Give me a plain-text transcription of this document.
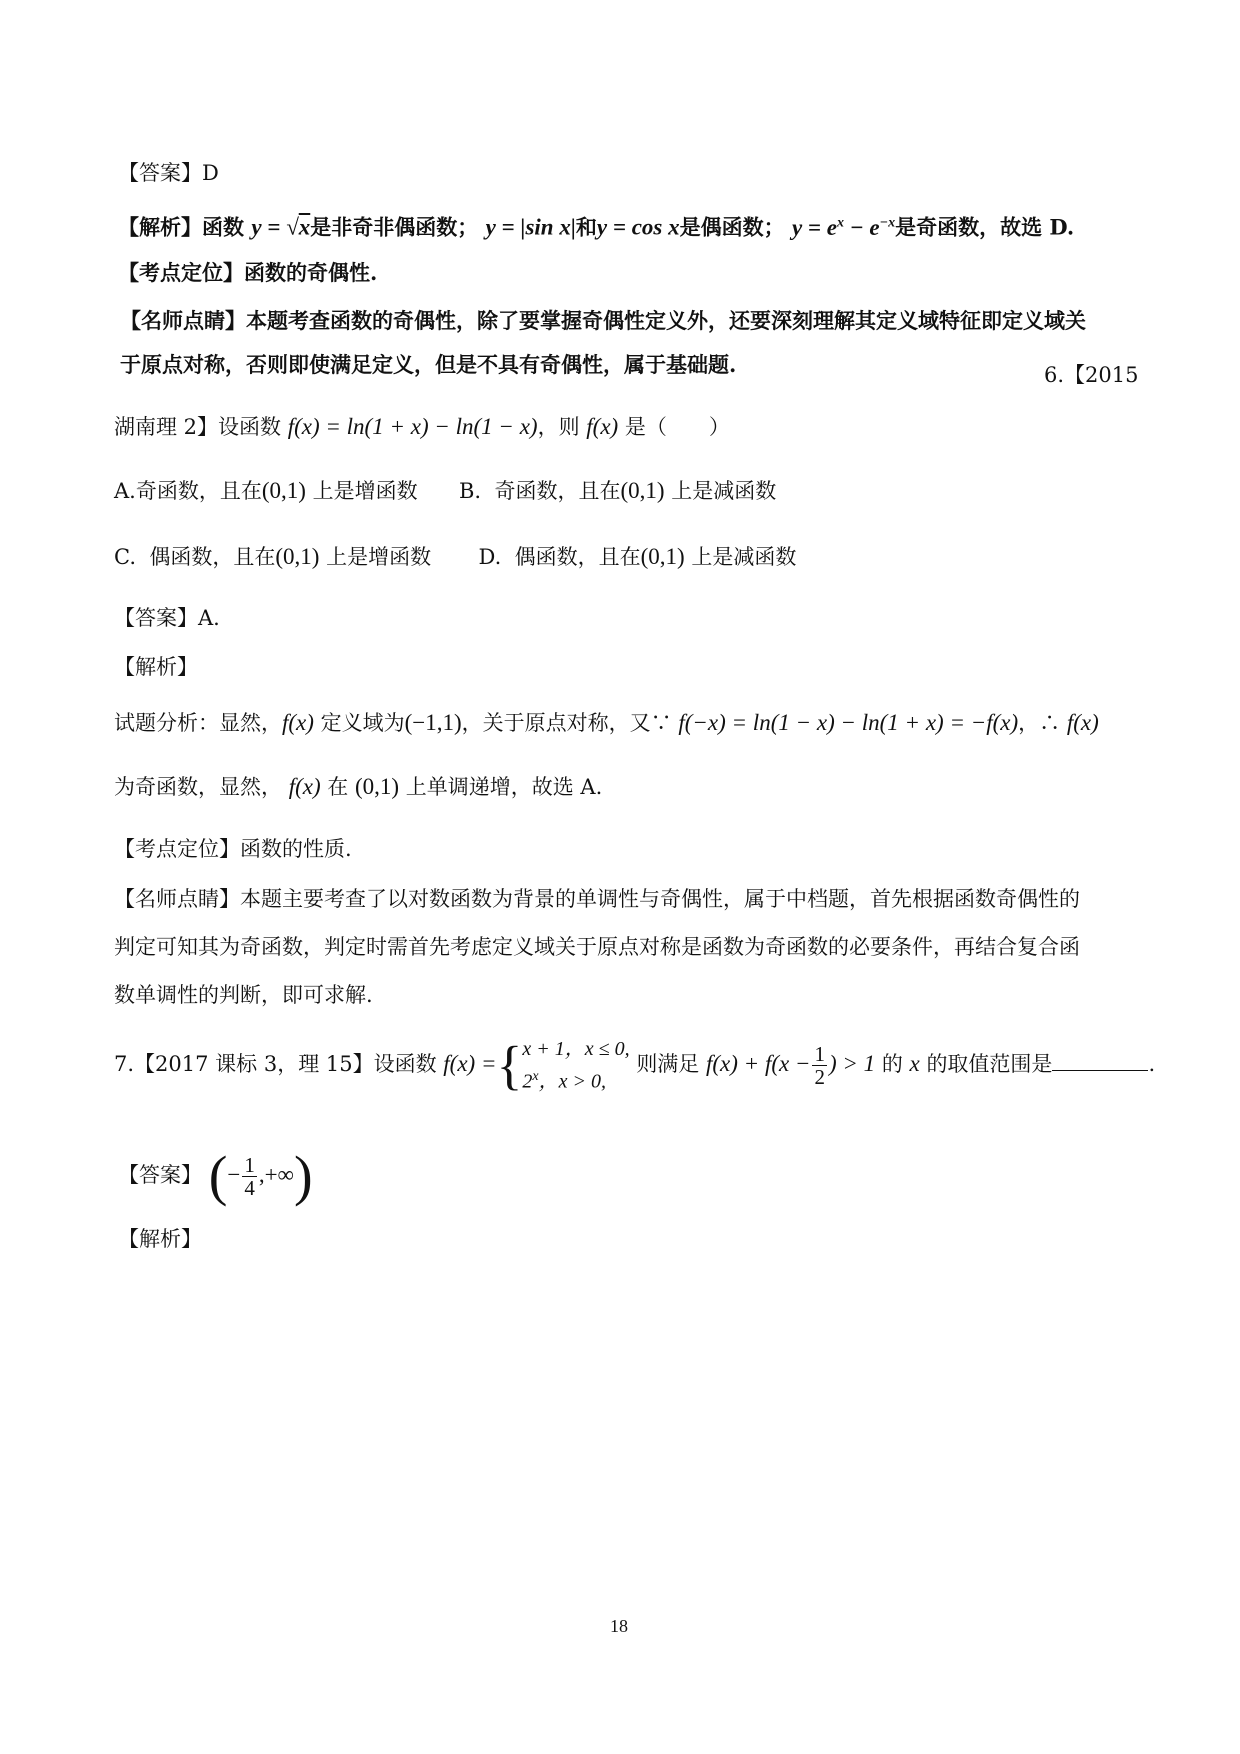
【答案】D
【解析】函数 y = √x是非奇非偶函数； y = |sin x|和y = cos x是偶函数； $y = e^x - e^{-x}$是奇函数，故选 D.
【考点定位】函数的奇偶性.
【名师点睛】本题考查函数的奇偶性，除了要掌握奇偶性定义外，还要深刻理解其定义域特征即定义域关
于原点对称，否则即使满足定义，但是不具有奇偶性，属于基础题.	6.【2015
湖南理 2】设函数 f(x) = ln(1 + x) − ln(1 − x)，则 f(x) 是（　　）
A.奇函数，且在(0,1) 上是增函数 B. 奇函数，且在(0,1) 上是减函数
C. 偶函数，且在(0,1) 上是增函数 D. 偶函数，且在(0,1) 上是减函数
【答案】A.
【解析】
试题分析：显然，f(x) 定义域为(−1,1)，关于原点对称，又∵ f(−x) = ln(1 − x) − ln(1 + x) = −f(x)，∴ f(x)
为奇函数，显然， f(x) 在 (0,1) 上单调递增，故选 A.
【考点定位】函数的性质.
【名师点睛】本题主要考查了以对数函数为背景的单调性与奇偶性，属于中档题，首先根据函数奇偶性的
判定可知其为奇函数，判定时需首先考虑定义域关于原点对称是函数为奇函数的必要条件，再结合复合函
数单调性的判断，即可求解.
7.【2017 课标 3，理 15】设函数 f(x) ={ x + 1，x ≤ 0,
2$^x$，x > 0,
则满足 $f(x) + f(x - \frac{1}{2}$ ) > 1 的 x 的取值范围是	.
【答案】 (− $\frac{1}{4}$ ,+∞)
【解析】
18
